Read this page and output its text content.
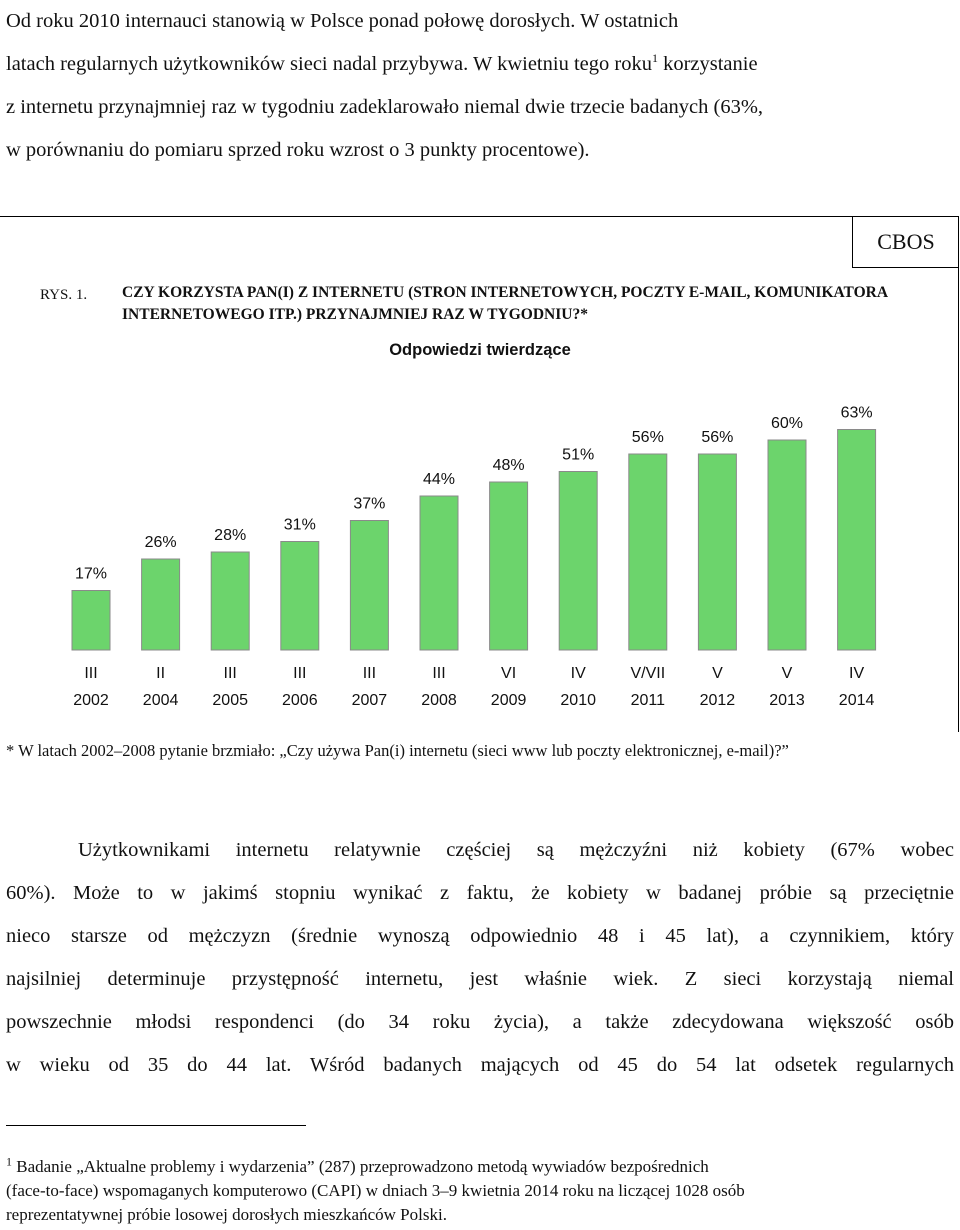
Od roku 2010 internauci stanowią w Polsce ponad połowę dorosłych. W ostatnich
latach regularnych użytkowników sieci nadal przybywa. W kwietniu tego roku$^1$ korzystanie
z internetu przynajmniej raz w tygodniu zadeklarowało niemal dwie trzecie badanych (63%,
w porównaniu do pomiaru sprzed roku wzrost o 3 punkty procentowe).
CBOS
RYS. 1. CZY KORZYSTA PAN(I) Z INTERNETU (STRON INTERNETOWYCH, POCZTY E-MAIL, KOMUNIKATORA INTERNETOWEGO ITP.) PRZYNAJMNIEJ RAZ W TYGODNIU?*
Odpowiedzi twierdzące
17%
III
2002
26%
II
2004
28%
III
2005
31%
III
2006
37%
III
2007
44%
III
2008
48%
VI
2009
51%
IV
2010
56%
V/VII
2011
56%
V
2012
60%
V
2013
63%
IV
2014
* W latach 2002–2008 pytanie brzmiało: „Czy używa Pan(i) internetu (sieci www lub poczty elektronicznej, e-mail)?”
Użytkownikami internetu relatywnie częściej są mężczyźni niż kobiety (67% wobec
60%). Może to w jakimś stopniu wynikać z faktu, że kobiety w badanej próbie są przeciętnie
nieco starsze od mężczyzn (średnie wynoszą odpowiednio 48 i 45 lat), a czynnikiem, który
najsilniej determinuje przystępność internetu, jest właśnie wiek. Z sieci korzystają niemal
powszechnie młodsi respondenci (do 34 roku życia), a także zdecydowana większość osób
w wieku od 35 do 44 lat. Wśród badanych mających od 45 do 54 lat odsetek regularnych
$^1$ Badanie „Aktualne problemy i wydarzenia” (287) przeprowadzono metodą wywiadów bezpośrednich
(face-to-face) wspomaganych komputerowo (CAPI) w dniach 3–9 kwietnia 2014 roku na liczącej 1028 osób
reprezentatywnej próbie losowej dorosłych mieszkańców Polski.
